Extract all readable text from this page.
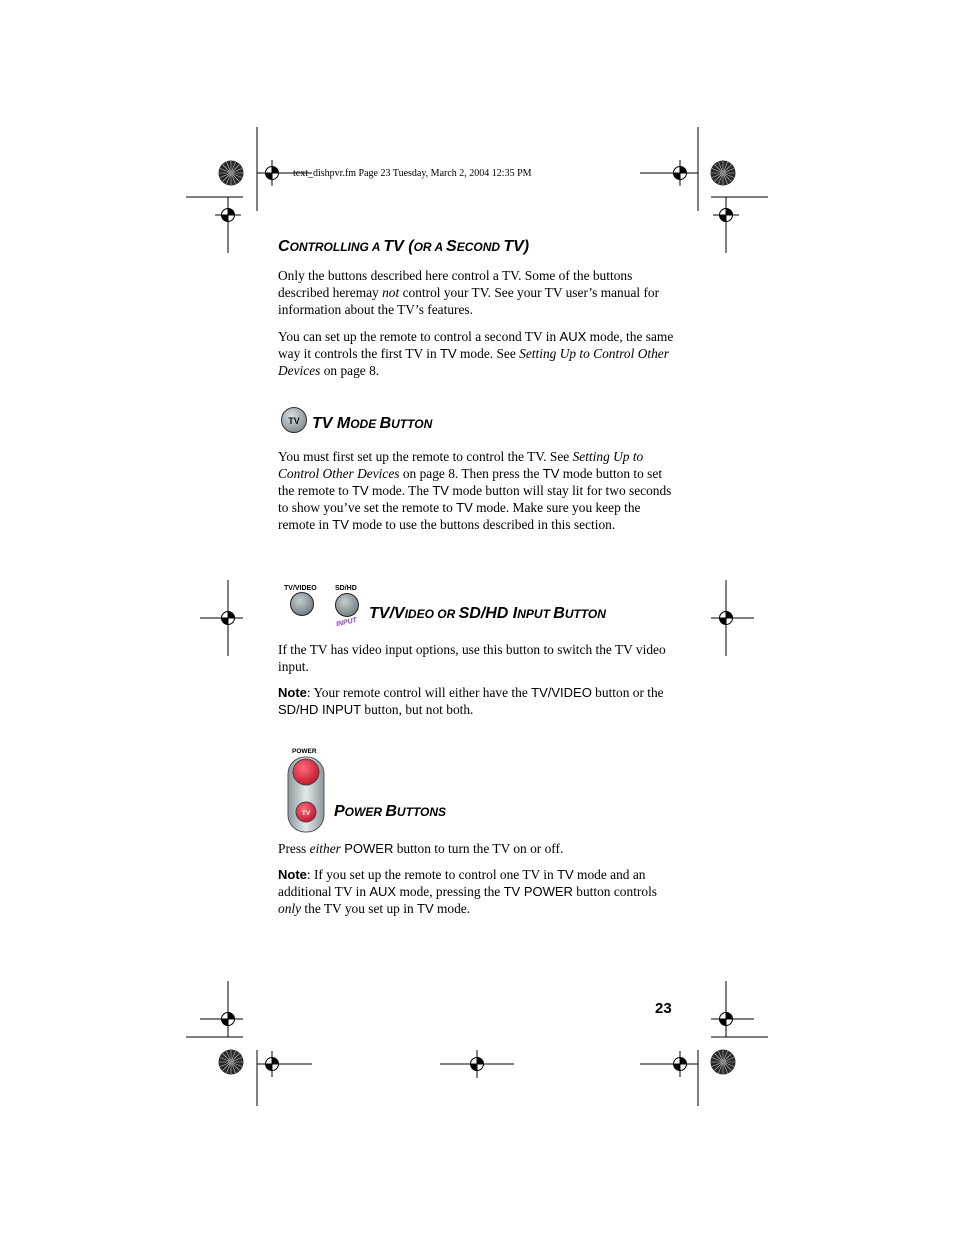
text_dishpvr.fm Page 23 Tuesday, March 2, 2004 12:35 PM
CONTROLLING A TV (OR A SECOND TV)
Only the buttons described here control a TV. Some of the buttons described heremay not control your TV. See your TV user’s manual for information about the TV’s features.
You can set up the remote to control a second TV in AUX mode, the same way it controls the first TV in TV mode. See Setting Up to Control Other Devices on page 8.
TV TV MODE BUTTON
You must first set up the remote to control the TV. See Setting Up to Control Other Devices on page 8. Then press the TV mode button to set the remote to TV mode. The TV mode button will stay lit for two seconds to show you’ve set the remote to TV mode. Make sure you keep the remote in TV mode to use the buttons described in this section.
TV/VIDEO	SD/HD
INPUT
TV/VIDEO OR SD/HD INPUT BUTTON
If the TV has video input options, use this button to switch the TV video input.
Note: Your remote control will either have the TV/VIDEO button or the SD/HD INPUT button, but not both.
POWER
TV POWER BUTTONS
Press either POWER button to turn the TV on or off.
Note: If you set up the remote to control one TV in TV mode and an additional TV in AUX mode, pressing the TV POWER button controls only the TV you set up in TV mode.
23
